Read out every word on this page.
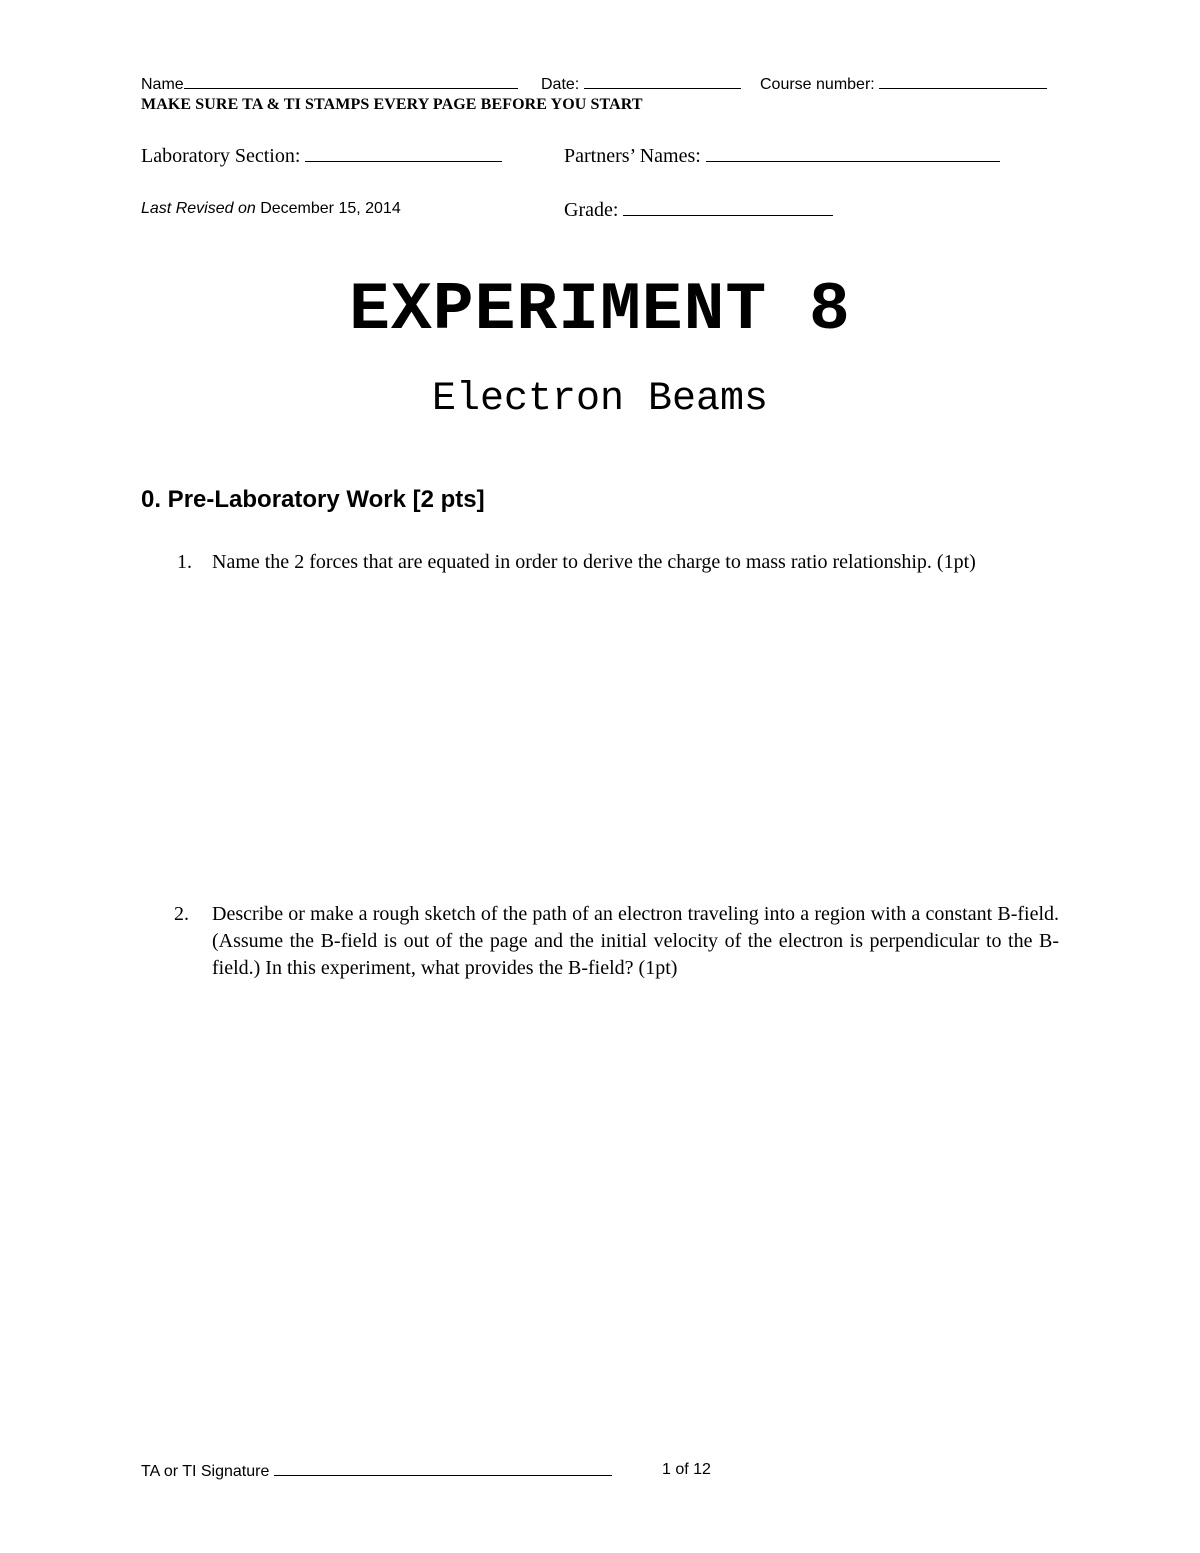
Name	Date:	Course number:
MAKE SURE TA & TI STAMPS EVERY PAGE BEFORE YOU START
Laboratory Section:	Partners’ Names:
Last Revised on December 15, 2014	Grade:
EXPERIMENT 8
Electron Beams
0. Pre-Laboratory Work [2 pts]
1. Name the 2 forces that are equated in order to derive the charge to mass ratio relationship. (1pt)
2. Describe or make a rough sketch of the path of an electron traveling into a region with a constant B-field. (Assume the B-field is out of the page and the initial velocity of the electron is perpendicular to the B-field.) In this experiment, what provides the B-field? (1pt)
TA or TI Signature	1 of 12
